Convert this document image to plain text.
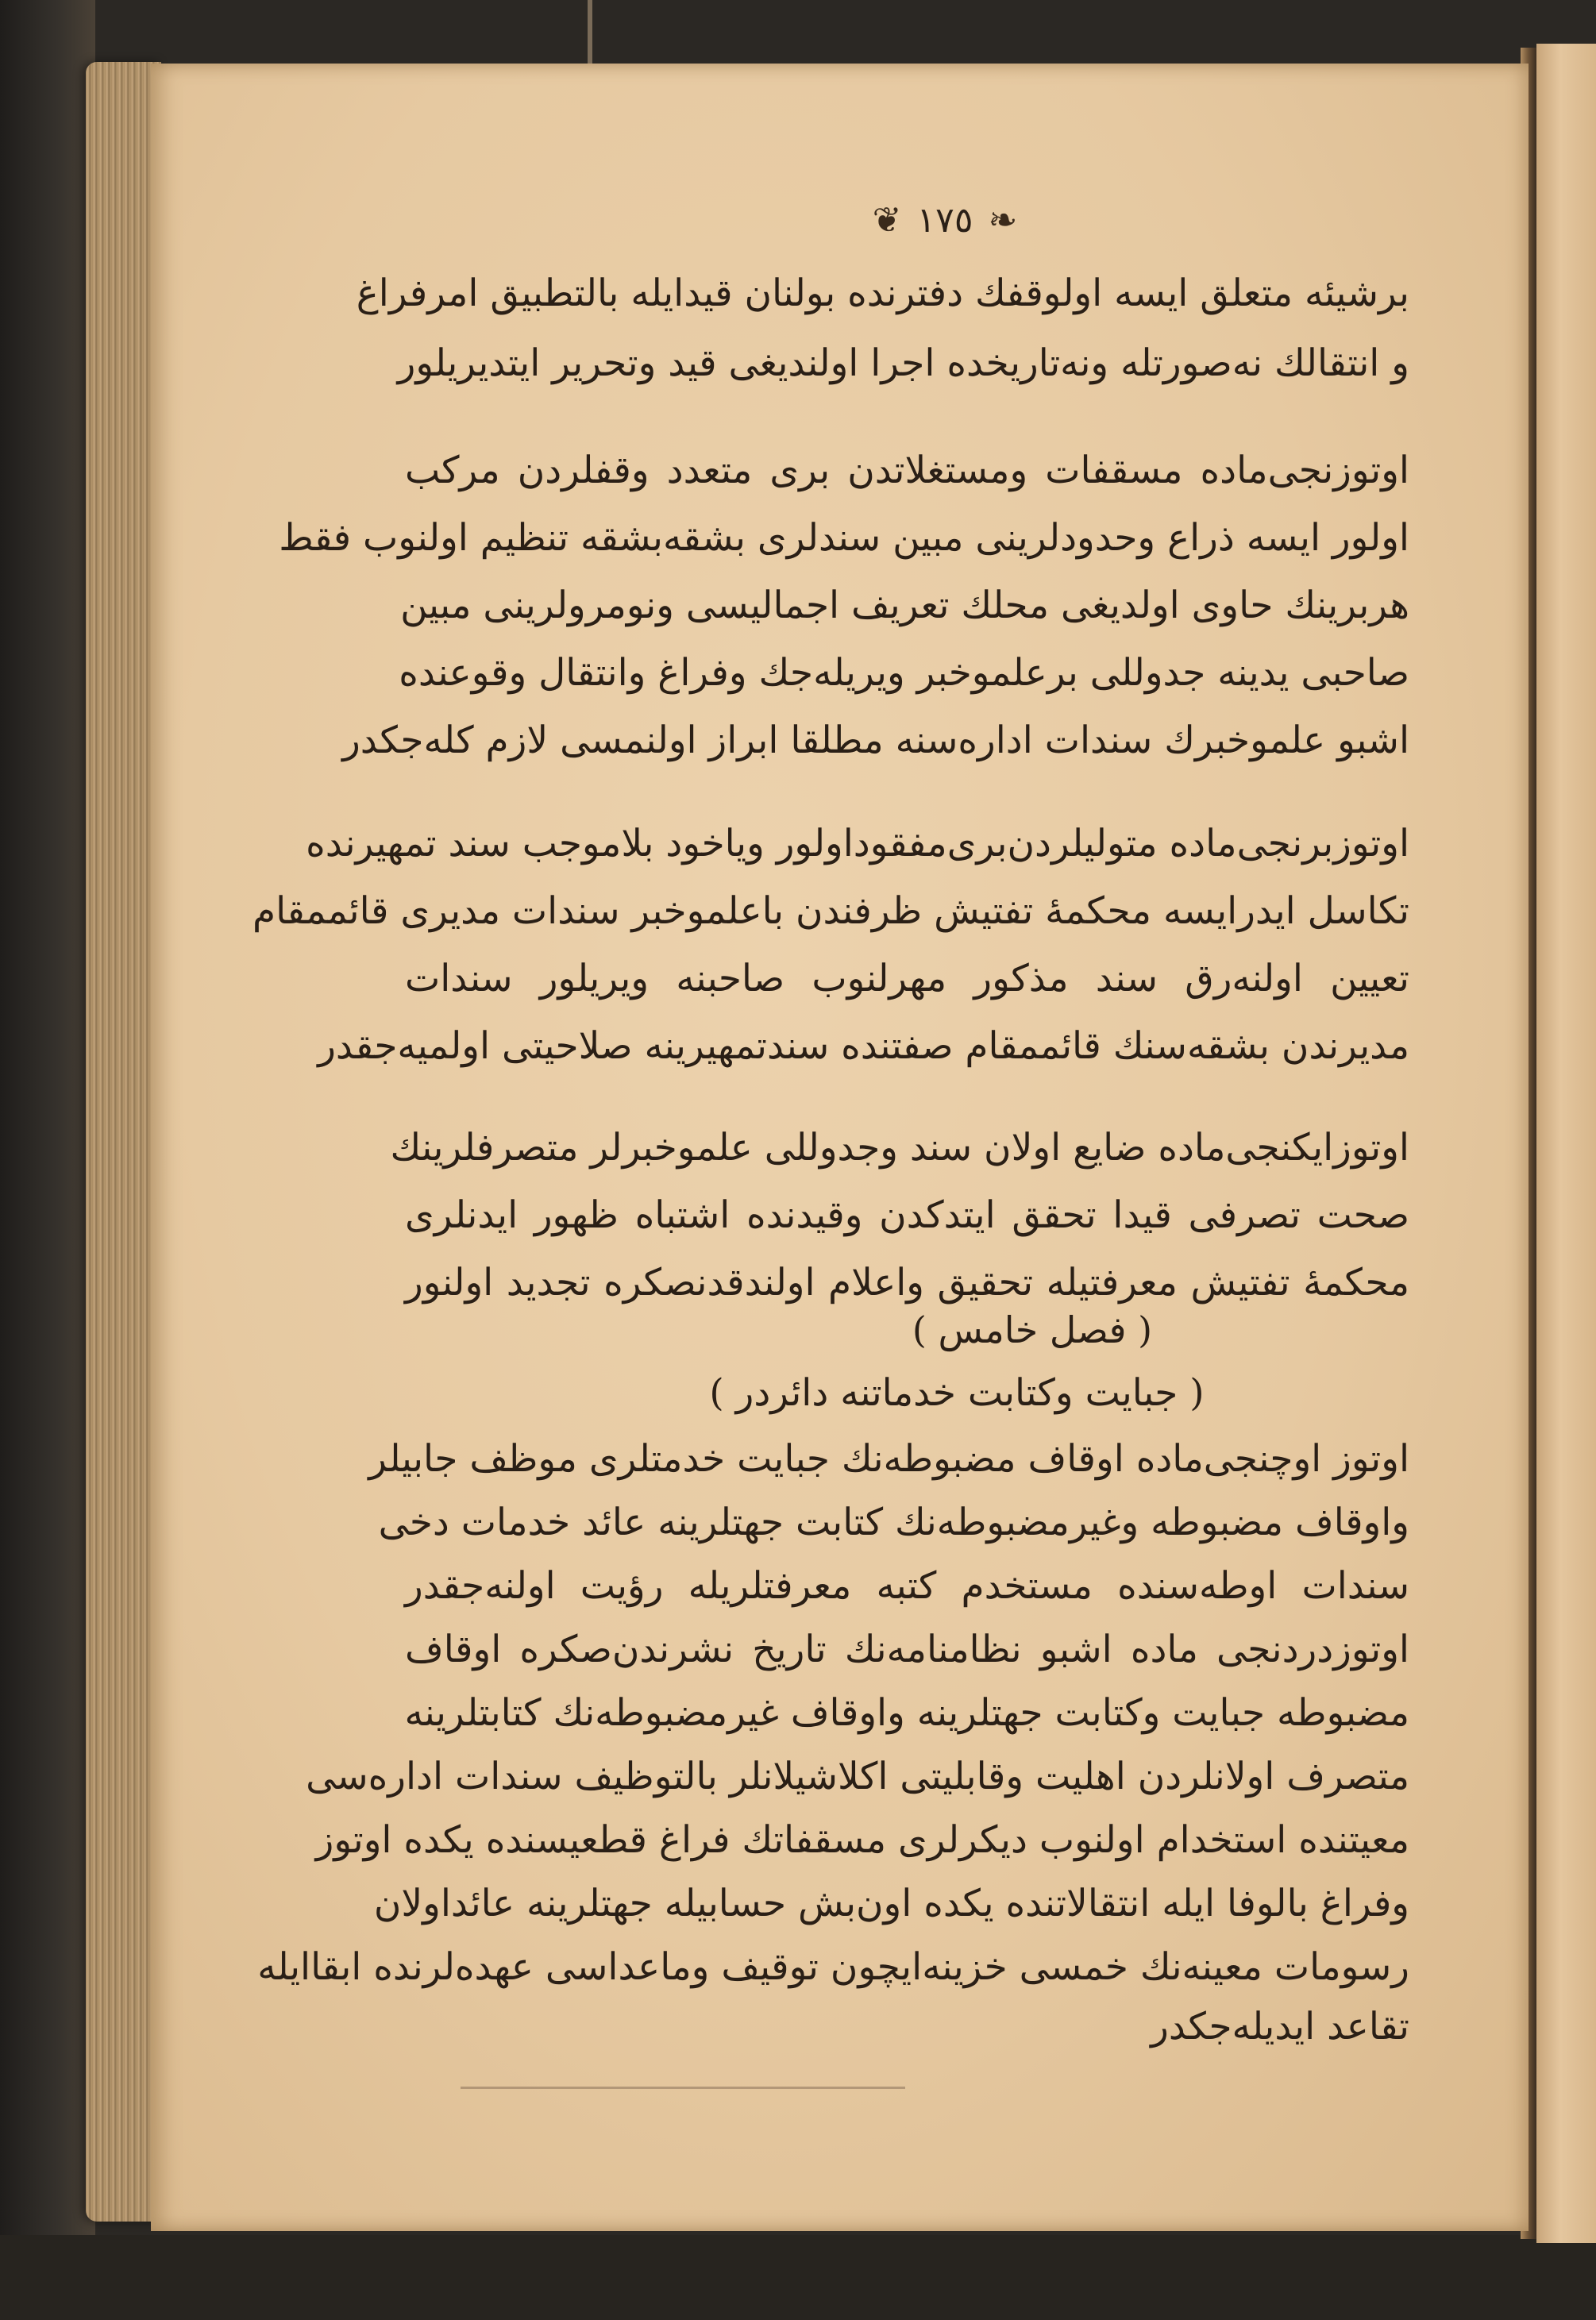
❦ ١٧٥ ❧
برشیئه متعلق ایسه اولوقفك دفترنده بولنان قیدایله بالتطبیق امرفراغ
و انتقالك نه‌صورتله ونه‌تاریخده اجرا اولندیغی قید وتحریر ایتدیریلور
اوتوزنجی‌ماده مسقفات ومستغلاتدن بری متعدد وقفلردن مرکب
اولور ایسه ذراع وحدودلرینی مبین سندلری بشقه‌بشقه تنظیم اولنوب فقط
هربرینك حاوی اولدیغی محلك تعریف اجمالیسی ونومرولرینی مبین
صاحبی یدینه جدوللی برعلموخبر ویریله‌جك وفراغ وانتقال وقوعنده
اشبو علموخبرك سندات اداره‌سنه مطلقا ابراز اولنمسی لازم کله‌جکدر
اوتوزبرنجی‌ماده متولیلردن‌بری‌مفقوداولور ویاخود بلاموجب سند تمهیرنده
تکاسل ایدرایسه محکمهٔ تفتیش ظرفندن باعلموخبر سندات مدیری قائممقام
تعیین اولنه‌رق سند مذکور مهرلنوب صاحبنه ویریلور سندات
مدیرندن بشقه‌سنك قائممقام صفتنده سندتمهیرینه صلاحیتی اولمیه‌جقدر
اوتوزایکنجی‌ماده ضایع اولان سند وجدوللی علموخبرلر متصرفلرینك
صحت تصرفی قیدا تحقق ایتدکدن وقیدنده اشتباه ظهور ایدنلری
محکمهٔ تفتیش معرفتیله تحقیق واعلام اولندقدنصکره تجدید اولنور
( فصل خامس )
( جبایت وکتابت خدماتنه دائردر )
اوتوز اوچنجی‌ماده اوقاف مضبوطه‌نك جبایت خدمتلری موظف جابیلر
واوقاف مضبوطه وغیرمضبوطه‌نك کتابت جهتلرینه عائد خدمات دخی
سندات اوطه‌سنده مستخدم کتبه معرفتلریله رؤیت اولنه‌جقدر
اوتوزدردنجی ماده اشبو نظامنامه‌نك تاریخ نشرندن‌صکره اوقاف
مضبوطه جبایت وکتابت جهتلرینه واوقاف غیرمضبوطه‌نك کتابتلرینه
متصرف اولانلردن اهلیت وقابلیتی اکلاشیلانلر بالتوظیف سندات اداره‌سی
معیتنده استخدام اولنوب دیکرلری مسقفاتك فراغ قطعیسنده یکده اوتوز
وفراغ بالوفا ایله انتقالاتنده یکده اون‌بش حسابیله جهتلرینه عائداولان
رسومات معینه‌نك خمسی خزینه‌ایچون توقیف وماعداسی عهده‌لرنده ابقاایله
تقاعد ایدیله‌جکدر
